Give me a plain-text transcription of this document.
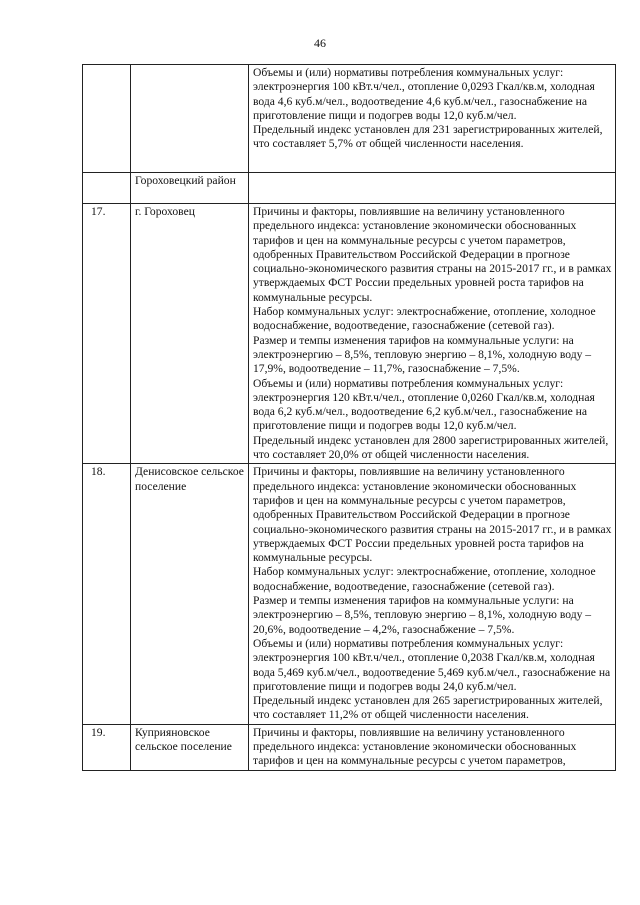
46

		Объемы и (или) нормативы потребления коммунальных услуг: электроэнергия 100 кВт.ч/чел., отопление 0,0293 Гкал/кв.м, холодная вода 4,6 куб.м/чел., водоотведение 4,6 куб.м/чел., газоснабжение на приготовление пищи и подогрев воды 12,0 куб.м/чел.
Предельный индекс установлен для 231 зарегистрированных жителей, что составляет 5,7% от общей численности населения.

	Гороховецкий район	
17.	г. Гороховец	Причины и факторы, повлиявшие на величину установленного предельного индекса: установление экономически обоснованных тарифов и цен на коммунальные ресурсы с учетом параметров, одобренных Правительством Российской Федерации в прогнозе социально-экономического развития страны на 2015-2017 гг., и в рамках утверждаемых ФСТ России предельных уровней роста тарифов на коммунальные ресурсы.
Набор коммунальных услуг: электроснабжение, отопление, холодное водоснабжение, водоотведение, газоснабжение (сетевой газ).
Размер и темпы изменения тарифов на коммунальные услуги: на электроэнергию – 8,5%, тепловую энергию – 8,1%, холодную воду – 17,9%, водоотведение – 11,7%, газоснабжение – 7,5%.
Объемы и (или) нормативы потребления коммунальных услуг: электроэнергия 120 кВт.ч/чел., отопление 0,0260 Гкал/кв.м, холодная вода 6,2 куб.м/чел., водоотведение 6,2 куб.м/чел., газоснабжение на приготовление пищи и подогрев воды 12,0 куб.м/чел.
Предельный индекс установлен для 2800 зарегистрированных жителей, что составляет 20,0% от общей численности населения.

18.	Денисовское сельское поселение	Причины и факторы, повлиявшие на величину установленного предельного индекса: установление экономически обоснованных тарифов и цен на коммунальные ресурсы с учетом параметров, одобренных Правительством Российской Федерации в прогнозе социально-экономического развития страны на 2015-2017 гг., и в рамках утверждаемых ФСТ России предельных уровней роста тарифов на коммунальные ресурсы.
Набор коммунальных услуг: электроснабжение, отопление, холодное водоснабжение, водоотведение, газоснабжение (сетевой газ).
Размер и темпы изменения тарифов на коммунальные услуги: на электроэнергию – 8,5%, тепловую энергию – 8,1%, холодную воду – 20,6%, водоотведение – 4,2%, газоснабжение – 7,5%.
Объемы и (или) нормативы потребления коммунальных услуг: электроэнергия 100 кВт.ч/чел., отопление 0,2038 Гкал/кв.м, холодная вода 5,469 куб.м/чел., водоотведение 5,469 куб.м/чел., газоснабжение на приготовление пищи и подогрев воды 24,0 куб.м/чел.
Предельный индекс установлен для 265 зарегистрированных жителей, что составляет 11,2% от общей численности населения.

19.	Куприяновское сельское поселение	Причины и факторы, повлиявшие на величину установленного предельного индекса: установление экономически обоснованных тарифов и цен на коммунальные ресурсы с учетом параметров,
